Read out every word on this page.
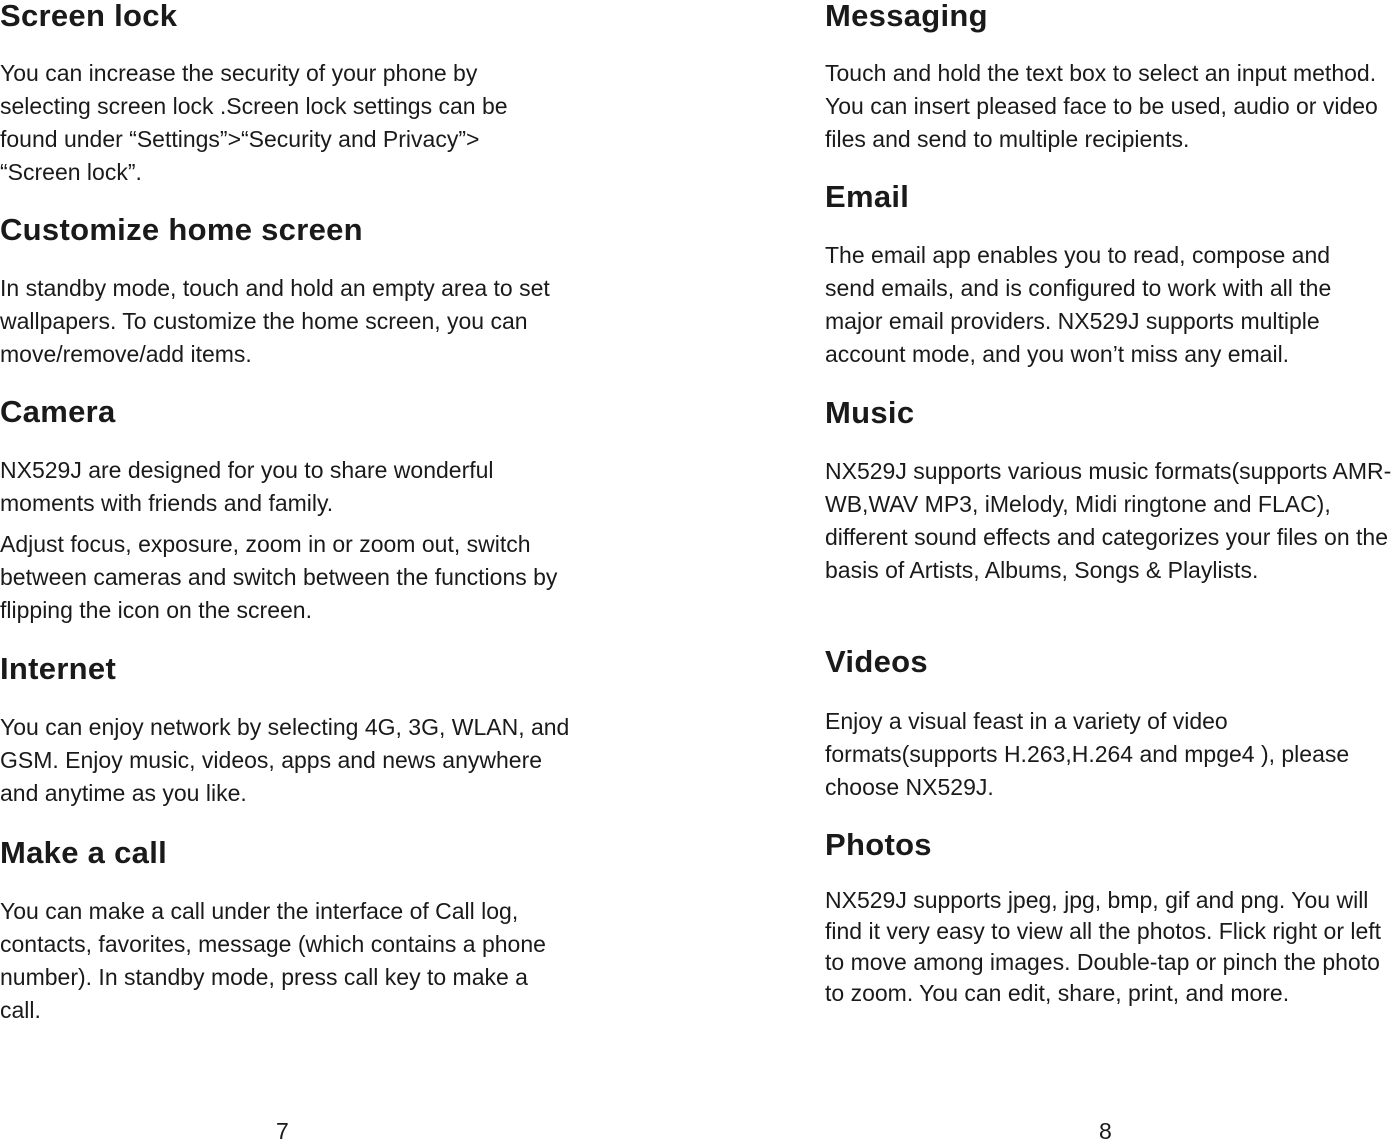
Screen lock

You can increase the security of your phone by selecting screen lock .Screen lock settings can be found under “Settings”>“Security and Privacy”> “Screen lock”.

Customize home screen

In standby mode, touch and hold an empty area to set wallpapers. To customize the home screen, you can move/remove/add items.

Camera

NX529J are designed for you to share wonderful moments with friends and family.

Adjust focus, exposure, zoom in or zoom out, switch between cameras and switch between the functions by flipping the icon on the screen.

Internet

You can enjoy network by selecting 4G, 3G, WLAN, and GSM. Enjoy music, videos, apps and news anywhere and anytime as you like.

Make a call

You can make a call under the interface of Call log, contacts, favorites, message (which contains a phone number). In standby mode, press call key to make a call.

Messaging

Touch and hold the text box to select an input method. You can insert pleased face to be used, audio or video files and send to multiple recipients.

Email

The email app enables you to read, compose and send emails, and is configured to work with all the major email providers. NX529J supports multiple account mode, and you won’t miss any email.

Music

NX529J supports various music formats(supports AMR-WB,WAV MP3, iMelody, Midi ringtone and FLAC), different sound effects and categorizes your files on the basis of Artists, Albums, Songs & Playlists.

Videos

Enjoy a visual feast in a variety of video formats(supports H.263,H.264 and mpge4 ), please choose NX529J.

Photos

NX529J supports jpeg, jpg, bmp, gif and png. You will find it very easy to view all the photos. Flick right or left to move among images. Double-tap or pinch the photo to zoom. You can edit, share, print, and more.

7	8
